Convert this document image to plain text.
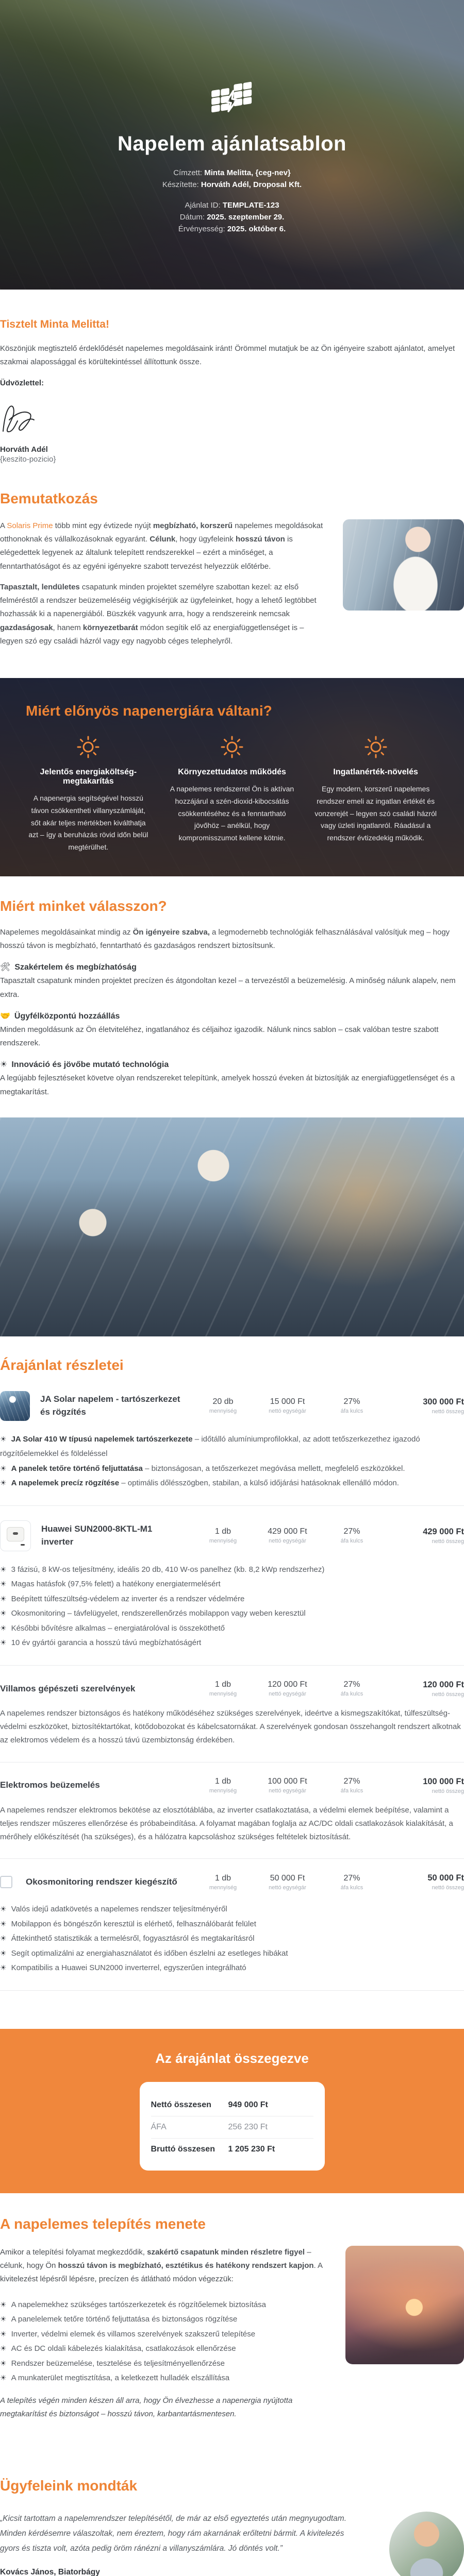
Napelem ajánlatsablon
Címzett: Minta Melitta, {ceg-nev}
Készítette: Horváth Adél, Droposal Kft.
Ajánlat ID: TEMPLATE-123
Dátum: 2025. szeptember 29.
Érvényesség: 2025. október 6.
Tisztelt Minta Melitta!

Köszönjük megtisztelő érdeklődését napelemes megoldásaink iránt! Örömmel mutatjuk be az Ön igényeire szabott ajánlatot, amelyet szakmai alapossággal és körültekintéssel állítottunk össze.

Üdvözlettel:

Horváth Adél
{keszito-pozicio}
Bemutatkozás

A Solaris Prime több mint egy évtizede nyújt megbízható, korszerű napelemes megoldásokat otthonoknak és vállalkozásoknak egyaránt. Célunk, hogy ügyfeleink hosszú távon is elégedettek legyenek az általunk telepített rendszerekkel – ezért a minőséget, a fenntarthatóságot és az egyéni igényekre szabott tervezést helyezzük előtérbe.

Tapasztalt, lendületes csapatunk minden projektet személyre szabottan kezel: az első felméréstől a rendszer beüzemeléséig végigkísérjük az ügyfeleinket, hogy a lehető legtöbbet hozhassák ki a napenergiából. Büszkék vagyunk arra, hogy a rendszereink nemcsak gazdaságosak, hanem környezetbarát módon segítik elő az energiafüggetlenséget is – legyen szó egy családi házról vagy egy nagyobb céges telephelyről.

Miért előnyös napenergiára váltani?
Jelentős energiaköltség-megtakarítás

A napenergia segítségével hosszú távon csökkentheti villanyszámláját, sőt akár teljes mértékben kiválthatja azt – így a beruházás rövid időn belül megtérülhet.

Környezettudatos működés

A napelemes rendszerrel Ön is aktívan hozzájárul a szén-dioxid-kibocsátás csökkentéséhez és a fenntartható jövőhöz – anélkül, hogy kompromisszumot kellene kötnie.

Ingatlanérték-növelés

Egy modern, korszerű napelemes rendszer emeli az ingatlan értékét és vonzerejét – legyen szó családi házról vagy üzleti ingatlanról. Ráadásul a rendszer évtizedekig működik.

Miért minket válasszon?

Napelemes megoldásainkat mindig az Ön igényeire szabva, a legmodernebb technológiák felhasználásával valósítjuk meg – hogy hosszú távon is megbízható, fenntartható és gazdaságos rendszert biztosítsunk.

🛠 Szakértelem és megbízhatóság

Tapasztalt csapatunk minden projektet precízen és átgondoltan kezel – a tervezéstől a beüzemelésig. A minőség nálunk alapelv, nem extra.

🤝 Ügyfélközpontú hozzáállás

Minden megoldásunk az Ön életviteléhez, ingatlanához és céljaihoz igazodik. Nálunk nincs sablon – csak valóban testre szabott rendszerek.

☀ Innováció és jövőbe mutató technológia

A legújabb fejlesztéseket követve olyan rendszereket telepítünk, amelyek hosszú éveken át biztosítják az energiafüggetlenséget és a megtakarítást.

Árajánlat részletei
JA Solar napelem - tartószerkezet és rögzítés
20 db
mennyiség
15 000 Ft
nettó egységár
27%
áfa kulcs
300 000 Ft
nettó összeg
☀ JA Solar 410 W típusú napelemek tartószerkezete – időtálló alumíniumprofilokkal, az adott tetőszerkezethez igazodó rögzítőelemekkel és földeléssel
☀ A panelek tetőre történő feljuttatása – biztonságosan, a tetőszerkezet megóvása mellett, megfelelő eszközökkel.
☀ A napelemek precíz rögzítése – optimális dőlésszögben, stabilan, a külső időjárási hatásoknak ellenálló módon.
Huawei SUN2000-8KTL-M1 inverter
1 db
mennyiség
429 000 Ft
nettó egységár
27%
áfa kulcs
429 000 Ft
nettó összeg
☀ 3 fázisú, 8 kW-os teljesítmény, ideális 20 db, 410 W-os panelhez (kb. 8,2 kWp rendszerhez)
☀ Magas hatásfok (97,5% felett) a hatékony energiatermelésért
☀ Beépített túlfeszültség-védelem az inverter és a rendszer védelmére
☀ Okosmonitoring – távfelügyelet, rendszerellenőrzés mobilappon vagy weben keresztül
☀ Későbbi bővítésre alkalmas – energiatárolóval is összeköthető
☀ 10 év gyártói garancia a hosszú távú megbízhatóságért
Villamos gépészeti szerelvények	1 db
mennyiség
120 000 Ft
nettó egységár
27%
áfa kulcs
120 000 Ft
nettó összeg

A napelemes rendszer biztonságos és hatékony működéséhez szükséges szerelvények, ideértve a kismegszakítókat, túlfeszültség-védelmi eszközöket, biztosítéktartókat, kötődobozokat és kábelcsatornákat. A szerelvények gondosan összehangolt rendszert alkotnak az elektromos védelem és a hosszú távú üzembiztonság érdekében.

Elektromos beüzemelés	1 db
mennyiség
100 000 Ft
nettó egységár
27%
áfa kulcs
100 000 Ft
nettó összeg

A napelemes rendszer elektromos bekötése az elosztótáblába, az inverter csatlakoztatása, a védelmi elemek beépítése, valamint a teljes rendszer műszeres ellenőrzése és próbabeindítása. A folyamat magában foglalja az AC/DC oldali csatlakozások kialakítását, a mérőhely előkészítését (ha szükséges), és a hálózatra kapcsoláshoz szükséges feltételek biztosítását.

Okosmonitoring rendszer kiegészítő	1 db
mennyiség
50 000 Ft
nettó egységár
27%
áfa kulcs
50 000 Ft
nettó összeg
☀ Valós idejű adatkövetés a napelemes rendszer teljesítményéről
☀ Mobilappon és böngészőn keresztül is elérhető, felhasználóbarát felület
☀ Áttekinthető statisztikák a termelésről, fogyasztásról és megtakarításról
☀ Segít optimalizálni az energiahasználatot és időben észlelni az esetleges hibákat
☀ Kompatibilis a Huawei SUN2000 inverterrel, egyszerűen integrálható
Az árajánlat összegezve
Nettó összesen	949 000 Ft
ÁFA	256 230 Ft
Bruttó összesen	1 205 230 Ft
A napelemes telepítés menete

Amikor a telepítési folyamat megkezdődik, szakértő csapatunk minden részletre figyel – célunk, hogy Ön hosszú távon is megbízható, esztétikus és hatékony rendszert kapjon. A kivitelezést lépésről lépésre, precízen és átlátható módon végezzük:

☀ A napelemekhez szükséges tartószerkezetek és rögzítőelemek biztosítása
☀ A panelelemek tetőre történő feljuttatása és biztonságos rögzítése
☀ Inverter, védelmi elemek és villamos szerelvények szakszerű telepítése
☀ AC és DC oldali kábelezés kialakítása, csatlakozások ellenőrzése
☀ Rendszer beüzemelése, tesztelése és teljesítményellenőrzése
☀ A munkaterület megtisztítása, a keletkezett hulladék elszállítása

A telepítés végén minden készen áll arra, hogy Ön élvezhesse a napenergia nyújtotta megtakarítást és biztonságot – hosszú távon, karbantartásmentesen.

Ügyfeleink mondták
„Kicsit tartottam a napelemrendszer telepítésétől, de már az első egyeztetés után megnyugodtam. Minden kérdésemre válaszoltak, nem éreztem, hogy rám akarnának erőltetni bármit. A kivitelezés gyors és tiszta volt, azóta pedig öröm ránézni a villanyszámlára. Jó döntés volt.”
Kovács János, Biatorbágy
